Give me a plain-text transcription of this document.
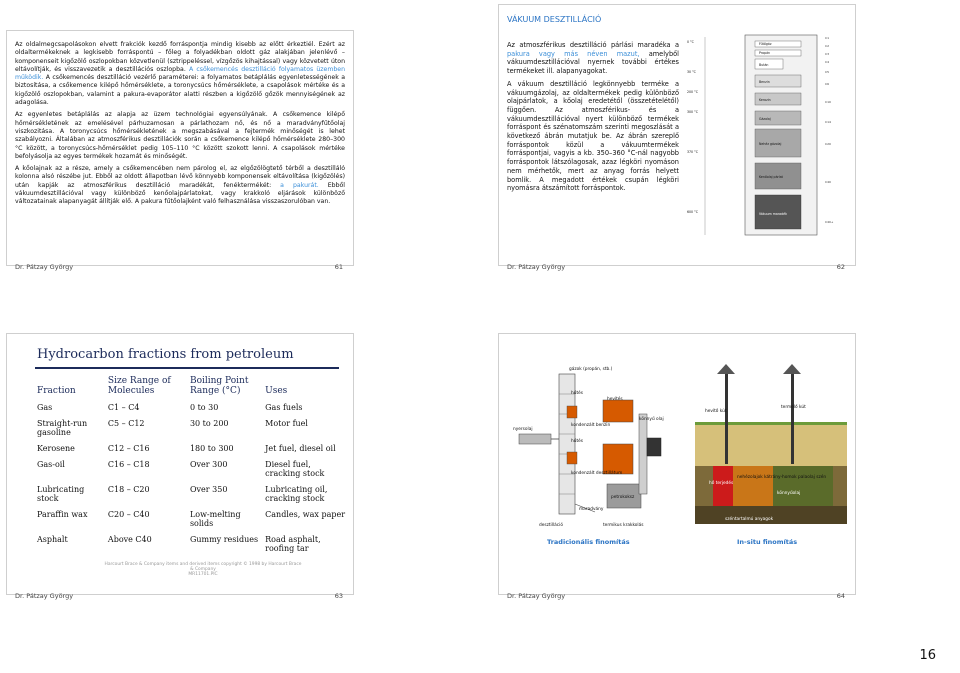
Az oldalmegcsapolásokon elvett frakciók kezdő forráspontja mindig kisebb az előtt érkeztiél. Ezért az oldaltermékeknek a legkisebb forráspontú – főleg a folyadékban oldott gáz alakjában jelenlévő – komponenseit kigőzölő oszlopokban közvetlenül (sztrippeléssel, vízgőzös kihajtással) vagy közvetett úton eltávolítják, és visszavezetik a desztillációs oszlopba. A csőkemencés desztilláció folyamatos üzemben működik. A csőkemencés desztilláció vezérlő paraméterei: a folyamatos betáplálás egyenletességének a biztosítása, a csőkemence kilépő hőmérséklete, a toronycsúcs hőmérséklete, a csapolások mértéke és a kigőzölő oszlopokban, valamint a pakura-evaporátor alatti részben a kigőzölő gőzök mennyiségének az adagolása.

Az egyenletes betáplálás az alapja az üzem technológiai egyensúlyának. A csőkemence kilépő hőmérsékletének az emelésével párhuzamosan a párlathozam nő, és nő a maradványfűtőolaj viszkozitása. A toronycsúcs hőmérsékletének a megszabásával a fejtermék minőségét is lehet szabályozni. Általában az atmoszférikus desztillációk során a csőkemence kilépő hőmérséklete 280–300 °C között, a toronycsúcs-hőmérséklet pedig 105–110 °C között szokott lenni. A csapolások mértéke befolyásolja az egyes termékek hozamát és minőségét.

A kőolajnak az a része, amely a csőkemencében nem párolog el, az elgőzölögtető térből a desztilláló kolonna alsó részébe jut. Ebből az oldott állapotban lévő könnyebb komponensek eltávolítása (kigőzölés) után kapják az atmoszférikus desztilláció maradékát, fenéktermékét: a pakurát. Ebből vákuumdesztillációval vagy különböző kenőolajpárlatokat, vagy krakkoló eljárások különböző változatainak alapanyagát állítják elő. A pakura fűtőolajként való felhasználása visszaszorulóban van.

Dr. Pátzay György	61
VÁKUUM DESZTILLÁCIÓ

Az atmoszférikus desztilláció párlási maradéka a pakura vagy más néven mazut, amelyből vákuumdesztillációval nyernek további értékes termékeket ill. alapanyagokat.

A vákuum desztilláció legkönnyebb terméke a vákuumgázolaj, az oldaltermékek pedig különböző olajpárlatok, a kőolaj eredetétől (összetételétől) függően. Az atmoszférikus- és a vákuumdesztillációval nyert különböző termékek forráspont és szénatomszám szerinti megoszlását a következő ábrán mutatjuk be. Az ábrán szereplő forráspontok közül a vákuumtermékek forráspontjai, vagyis a kb. 350–360 °C-nál nagyobb forráspontok látszólagosak, azaz légköri nyomáson nem mérhetők, mert az anyag forrás helyett bomlik. A megadott értékek csupán légköri nyomásra átszámított forráspontok.

Dr. Pátzay György	62
Fűtőgáz
Propán
Bután
Benzin
Kerozin
Gázolaj
Nehéz gázolaj
Kenőolaj párlat
Vákuum maradék
0 °C
30 °C
200 °C
300 °C
370 °C
600 °C
C1
C2
C3
C4
C5
C6
C10
C14
C20
C40
C40+
Hydrocarbon fractions from petroleum
Fraction	Size Range of Molecules	Boiling Point Range (°C)	Uses
Gas	C1 – C4	0 to 30	Gas fuels
Straight-run gasoline	C5 – C12	30 to 200	Motor fuel
Kerosene	C12 – C16	180 to 300	Jet fuel, diesel oil
Gas-oil	C16 – C18	Over 300	Diesel fuel, cracking stock
Lubricating stock	C18 – C20	Over 350	Lubricating oil, cracking stock
Paraffin wax	C20 – C40	Low-melting solids	Candles, wax paper
Asphalt	Above C40	Gummy residues	Road asphalt, roofing tar
Harcourt Brace & Company items and derived items copyright © 1998 by Harcourt Brace & Company
MR11701.PIC
Dr. Pátzay György	63
gázok (propán, stb.)
hűtés
hevítés
nyersolaj
kondenzált benzin
hűtés
könnyű olaj
kondenzált desztillátum
maradvány
petrokoksz
desztilláció	termikus krakkolás
hevítő kút
termelő kút
hő terjedés
nehézolajok kátrány-homok palaolaj szén
könnyűolaj
széntartalmú anyagok
Tradicionális finomítás	In-situ finomítás
Dr. Pátzay György	64
16
